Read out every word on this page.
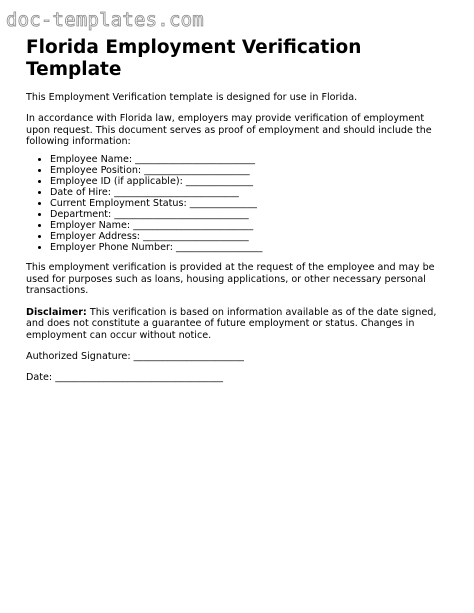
doc-templates.com

Florida Employment Verification Template

This Employment Verification template is designed for use in Florida.

In accordance with Florida law, employers may provide verification of employment upon request. This document serves as proof of employment and should include the following information:

• Employee Name: _________________________
• Employee Position: ______________________
• Employee ID (if applicable): ______________
• Date of Hire: __________________________
• Current Employment Status: ______________
• Department: ____________________________
• Employer Name: _________________________
• Employer Address: ______________________
• Employer Phone Number: __________________

This employment verification is provided at the request of the employee and may be used for purposes such as loans, housing applications, or other necessary personal transactions.

Disclaimer: This verification is based on information available as of the date signed, and does not constitute a guarantee of future employment or status. Changes in employment can occur without notice.

Authorized Signature: _______________________

Date: ___________________________________
